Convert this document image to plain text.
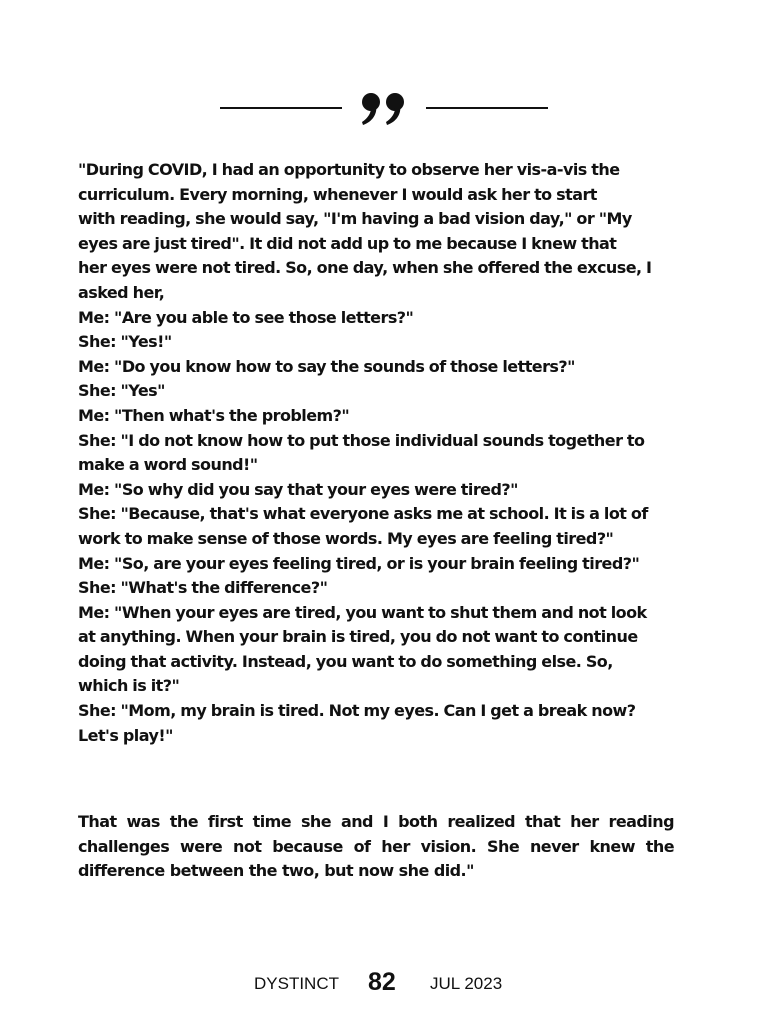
"During COVID, I had an opportunity to observe her vis-a-vis the
curriculum. Every morning, whenever I would ask her to start
with reading, she would say, "I'm having a bad vision day," or "My
eyes are just tired". It did not add up to me because I knew that
her eyes were not tired. So, one day, when she offered the excuse, I
asked her,
Me: "Are you able to see those letters?"
She: "Yes!"
Me: "Do you know how to say the sounds of those letters?"
She: "Yes"
Me: "Then what's the problem?"
She: "I do not know how to put those individual sounds together to
make a word sound!"
Me: "So why did you say that your eyes were tired?"
She: "Because, that's what everyone asks me at school. It is a lot of
work to make sense of those words. My eyes are feeling tired?"
Me: "So, are your eyes feeling tired, or is your brain feeling tired?"
She: "What's the difference?"
Me: "When your eyes are tired, you want to shut them and not look
at anything. When your brain is tired, you do not want to continue
doing that activity. Instead, you want to do something else. So,
which is it?"
She: "Mom, my brain is tired. Not my eyes. Can I get a break now?
Let's play!"

That was the first time she and I both realized that her reading challenges were not because of her vision. She never knew the difference between the two, but now she did."

DYSTINCT 82 JUL 2023
